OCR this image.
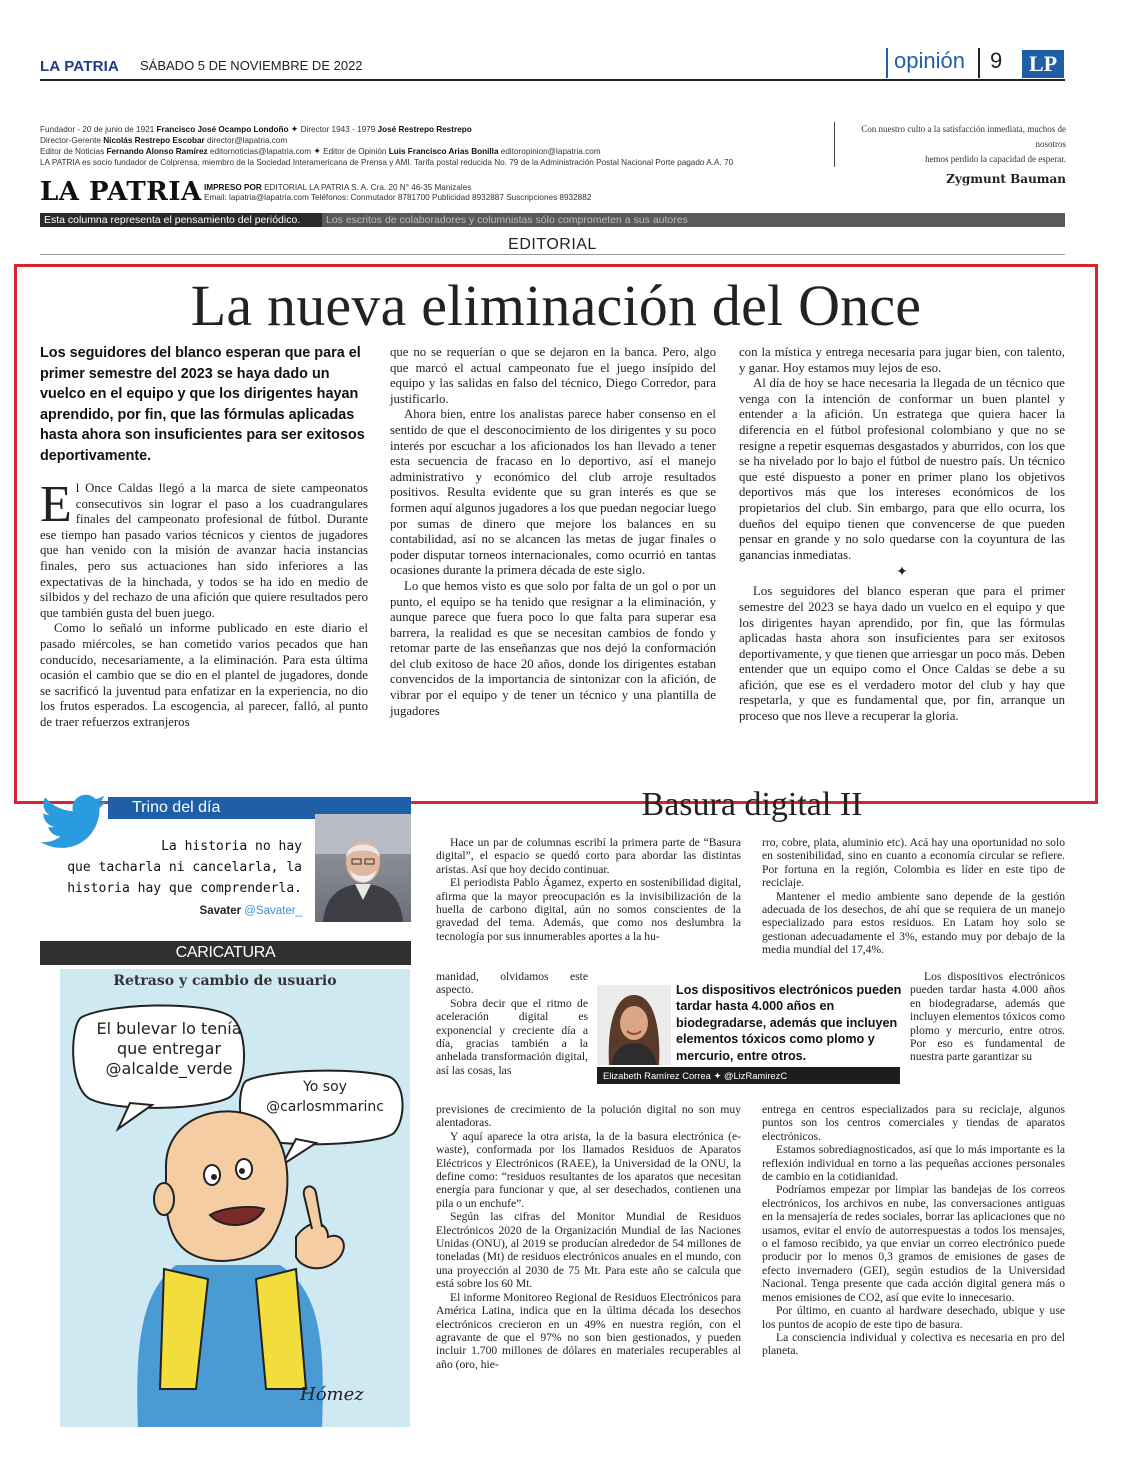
LA PATRIA SÁBADO 5 DE NOVIEMBRE DE 2022	opinión	9	LP
Fundador - 20 de junio de 1921 Francisco José Ocampo Londoño ✦ Director 1943 - 1979 José Restrepo Restrepo
Director-Gerente Nicolás Restrepo Escobar director@lapatria.com
Editor de Noticias Fernando Alonso Ramírez editornoticias@lapatria.com ✦ Editor de Opinión Luis Francisco Arias Bonilla editoropinion@lapatria.com
LA PATRIA es socio fundador de Colprensa, miembro de la Sociedad Interamericana de Prensa y AMI. Tarifa postal reducida No. 79 de la Administración Postal Nacional Porte pagado A.A. 70
Con nuestro culto a la satisfacción inmediata, muchos de nosotros
hemos perdido la capacidad de esperar.
Zygmunt Bauman
LA PATRIA IMPRESO POR EDITORIAL LA PATRIA S. A. Cra. 20 N° 46-35 Manizales
Email: lapatria@lapatria.com Teléfonos: Conmutador 8781700 Publicidad 8932887 Suscripciones 8932882
Esta columna representa el pensamiento del periódico.	Los escritos de colaboradores y columnistas sólo comprometen a sus autores
EDITORIAL
La nueva eliminación del Once
Los seguidores del blanco esperan que para el primer semestre del 2023 se haya dado un vuelco en el equipo y que los dirigentes hayan aprendido, por fin, que las fórmulas aplicadas hasta ahora son insuficientes para ser exitosos deportivamente.

El Once Caldas llegó a la marca de siete campeonatos consecutivos sin lograr el paso a los cuadrangulares finales del campeonato profesional de fútbol. Durante ese tiempo han pasado varios técnicos y cientos de jugadores que han venido con la misión de avanzar hacia instancias finales, pero sus actuaciones han sido inferiores a las expectativas de la hinchada, y todos se ha ido en medio de silbidos y del rechazo de una afición que quiere resultados pero que también gusta del buen juego.

Como lo señaló un informe publicado en este diario el pasado miércoles, se han cometido varios pecados que han conducido, necesariamente, a la eliminación. Para esta última ocasión el cambio que se dio en el plantel de jugadores, donde se sacrificó la juventud para enfatizar en la experiencia, no dio los frutos esperados. La escogencia, al parecer, falló, al punto de traer refuerzos extranjeros

que no se requerían o que se dejaron en la banca. Pero, algo que marcó el actual campeonato fue el juego insípido del equipo y las salidas en falso del técnico, Diego Corredor, para justificarlo.

Ahora bien, entre los analistas parece haber consenso en el sentido de que el desconocimiento de los dirigentes y su poco interés por escuchar a los aficionados los han llevado a tener esta secuencia de fracaso en lo deportivo, así el manejo administrativo y económico del club arroje resultados positivos. Resulta evidente que su gran interés es que se formen aquí algunos jugadores a los que puedan negociar luego por sumas de dinero que mejore los balances en su contabilidad, así no se alcancen las metas de jugar finales o poder disputar torneos internacionales, como ocurrió en tantas ocasiones durante la primera década de este siglo.

Lo que hemos visto es que solo por falta de un gol o por un punto, el equipo se ha tenido que resignar a la eliminación, y aunque parece que fuera poco lo que falta para superar esa barrera, la realidad es que se necesitan cambios de fondo y retomar parte de las enseñanzas que nos dejó la conformación del club exitoso de hace 20 años, donde los dirigentes estaban convencidos de la importancia de sintonizar con la afición, de vibrar por el equipo y de tener un técnico y una plantilla de jugadores

con la mística y entrega necesaria para jugar bien, con talento, y ganar. Hoy estamos muy lejos de eso.

Al día de hoy se hace necesaria la llegada de un técnico que venga con la intención de conformar un buen plantel y entender a la afición. Un estratega que quiera hacer la diferencia en el fútbol profesional colombiano y que no se resigne a repetir esquemas desgastados y aburridos, con los que se ha nivelado por lo bajo el fútbol de nuestro país. Un técnico que esté dispuesto a poner en primer plano los objetivos deportivos más que los intereses económicos de los propietarios del club. Sin embargo, para que ello ocurra, los dueños del equipo tienen que convencerse de que pueden pensar en grande y no solo quedarse con la coyuntura de las ganancias inmediatas.

✦

Los seguidores del blanco esperan que para el primer semestre del 2023 se haya dado un vuelco en el equipo y que los dirigentes hayan aprendido, por fin, que las fórmulas aplicadas hasta ahora son insuficientes para ser exitosos deportivamente, y que tienen que arriesgar un poco más. Deben entender que un equipo como el Once Caldas se debe a su afición, que ese es el verdadero motor del club y hay que respetarla, y que es fundamental que, por fin, arranque un proceso que nos lleve a recuperar la gloria.

Trino del día
La historia no hay
que tacharla ni cancelarla, la
historia hay que comprenderla.
Savater @Savater_
CARICATURA
Retraso y cambio de usuario
El bulevar lo tenía
que entregar
@alcalde_verde
Yo soy
@carlosmmarinc
Hómez
Basura digital II

Hace un par de columnas escribí la primera parte de “Basura digital”, el espacio se quedó corto para abordar las distintas aristas. Así que hoy decido continuar.

El periodista Pablo Ágamez, experto en sostenibilidad digital, afirma que la mayor preocupación es la invisibilización de la huella de carbono digital, aún no somos conscientes de la gravedad del tema. Además, que como nos deslumbra la tecnología por sus innumerables aportes a la hu-

manidad, olvidamos este aspecto.

Sobra decir que el ritmo de aceleración digital es exponencial y creciente día a día, gracias también a la anhelada transformación digital, así las cosas, las

previsiones de crecimiento de la polución digital no son muy alentadoras.

Y aquí aparece la otra arista, la de la basura electrónica (e-waste), conformada por los llamados Residuos de Aparatos Eléctricos y Electrónicos (RAEE), la Universidad de la ONU, la define como: “residuos resultantes de los aparatos que necesitan energía para funcionar y que, al ser desechados, contienen una pila o un enchufe”.

Según las cifras del Monitor Mundial de Residuos Electrónicos 2020 de la Organización Mundial de las Naciones Unidas (ONU), al 2019 se producían alrededor de 54 millones de toneladas (Mt) de residuos electrónicos anuales en el mundo, con una proyección al 2030 de 75 Mt. Para este año se calcula que está sobre los 60 Mt.

El informe Monitoreo Regional de Residuos Electrónicos para América Latina, indica que en la última década los desechos electrónicos crecieron en un 49% en nuestra región, con el agravante de que el 97% no son bien gestionados, y pueden incluir 1.700 millones de dólares en materiales recuperables al año (oro, hie-

rro, cobre, plata, aluminio etc). Acá hay una oportunidad no solo en sostenibilidad, sino en cuanto a economía circular se refiere. Por fortuna en la región, Colombia es líder en este tipo de reciclaje.

Mantener el medio ambiente sano depende de la gestión adecuada de los desechos, de ahí que se requiera de un manejo especializado para estos residuos. En Latam hoy solo se gestionan adecuadamente el 3%, estando muy por debajo de la media mundial del 17,4%.

Los dispositivos electrónicos pueden tardar hasta 4.000 años en biodegradarse, además que incluyen elementos tóxicos como plomo y mercurio, entre otros. Por eso es fundamental de nuestra parte garantizar su

entrega en centros especializados para su reciclaje, algunos puntos son los centros comerciales y tiendas de aparatos electrónicos.

Estamos sobrediagnosticados, así que lo más importante es la reflexión individual en torno a las pequeñas acciones personales de cambio en la cotidianidad.

Podríamos empezar por limpiar las bandejas de los correos electrónicos, los archivos en nube, las conversaciones antiguas en la mensajería de redes sociales, borrar las aplicaciones que no usamos, evitar el envío de autorrespuestas a todos los mensajes, o el famoso recibido, ya que enviar un correo electrónico puede producir por lo menos 0,3 gramos de emisiones de gases de efecto invernadero (GEI), según estudios de la Universidad Nacional. Tenga presente que cada acción digital genera más o menos emisiones de CO2, así que evite lo innecesario.

Por último, en cuanto al hardware desechado, ubique y use los puntos de acopio de este tipo de basura.

La consciencia individual y colectiva es necesaria en pro del planeta.

Los dispositivos electrónicos pueden tardar hasta 4.000 años en biodegradarse, además que incluyen elementos tóxicos como plomo y mercurio, entre otros.
Elizabeth Ramírez Correa ✦ @LizRamirezC
